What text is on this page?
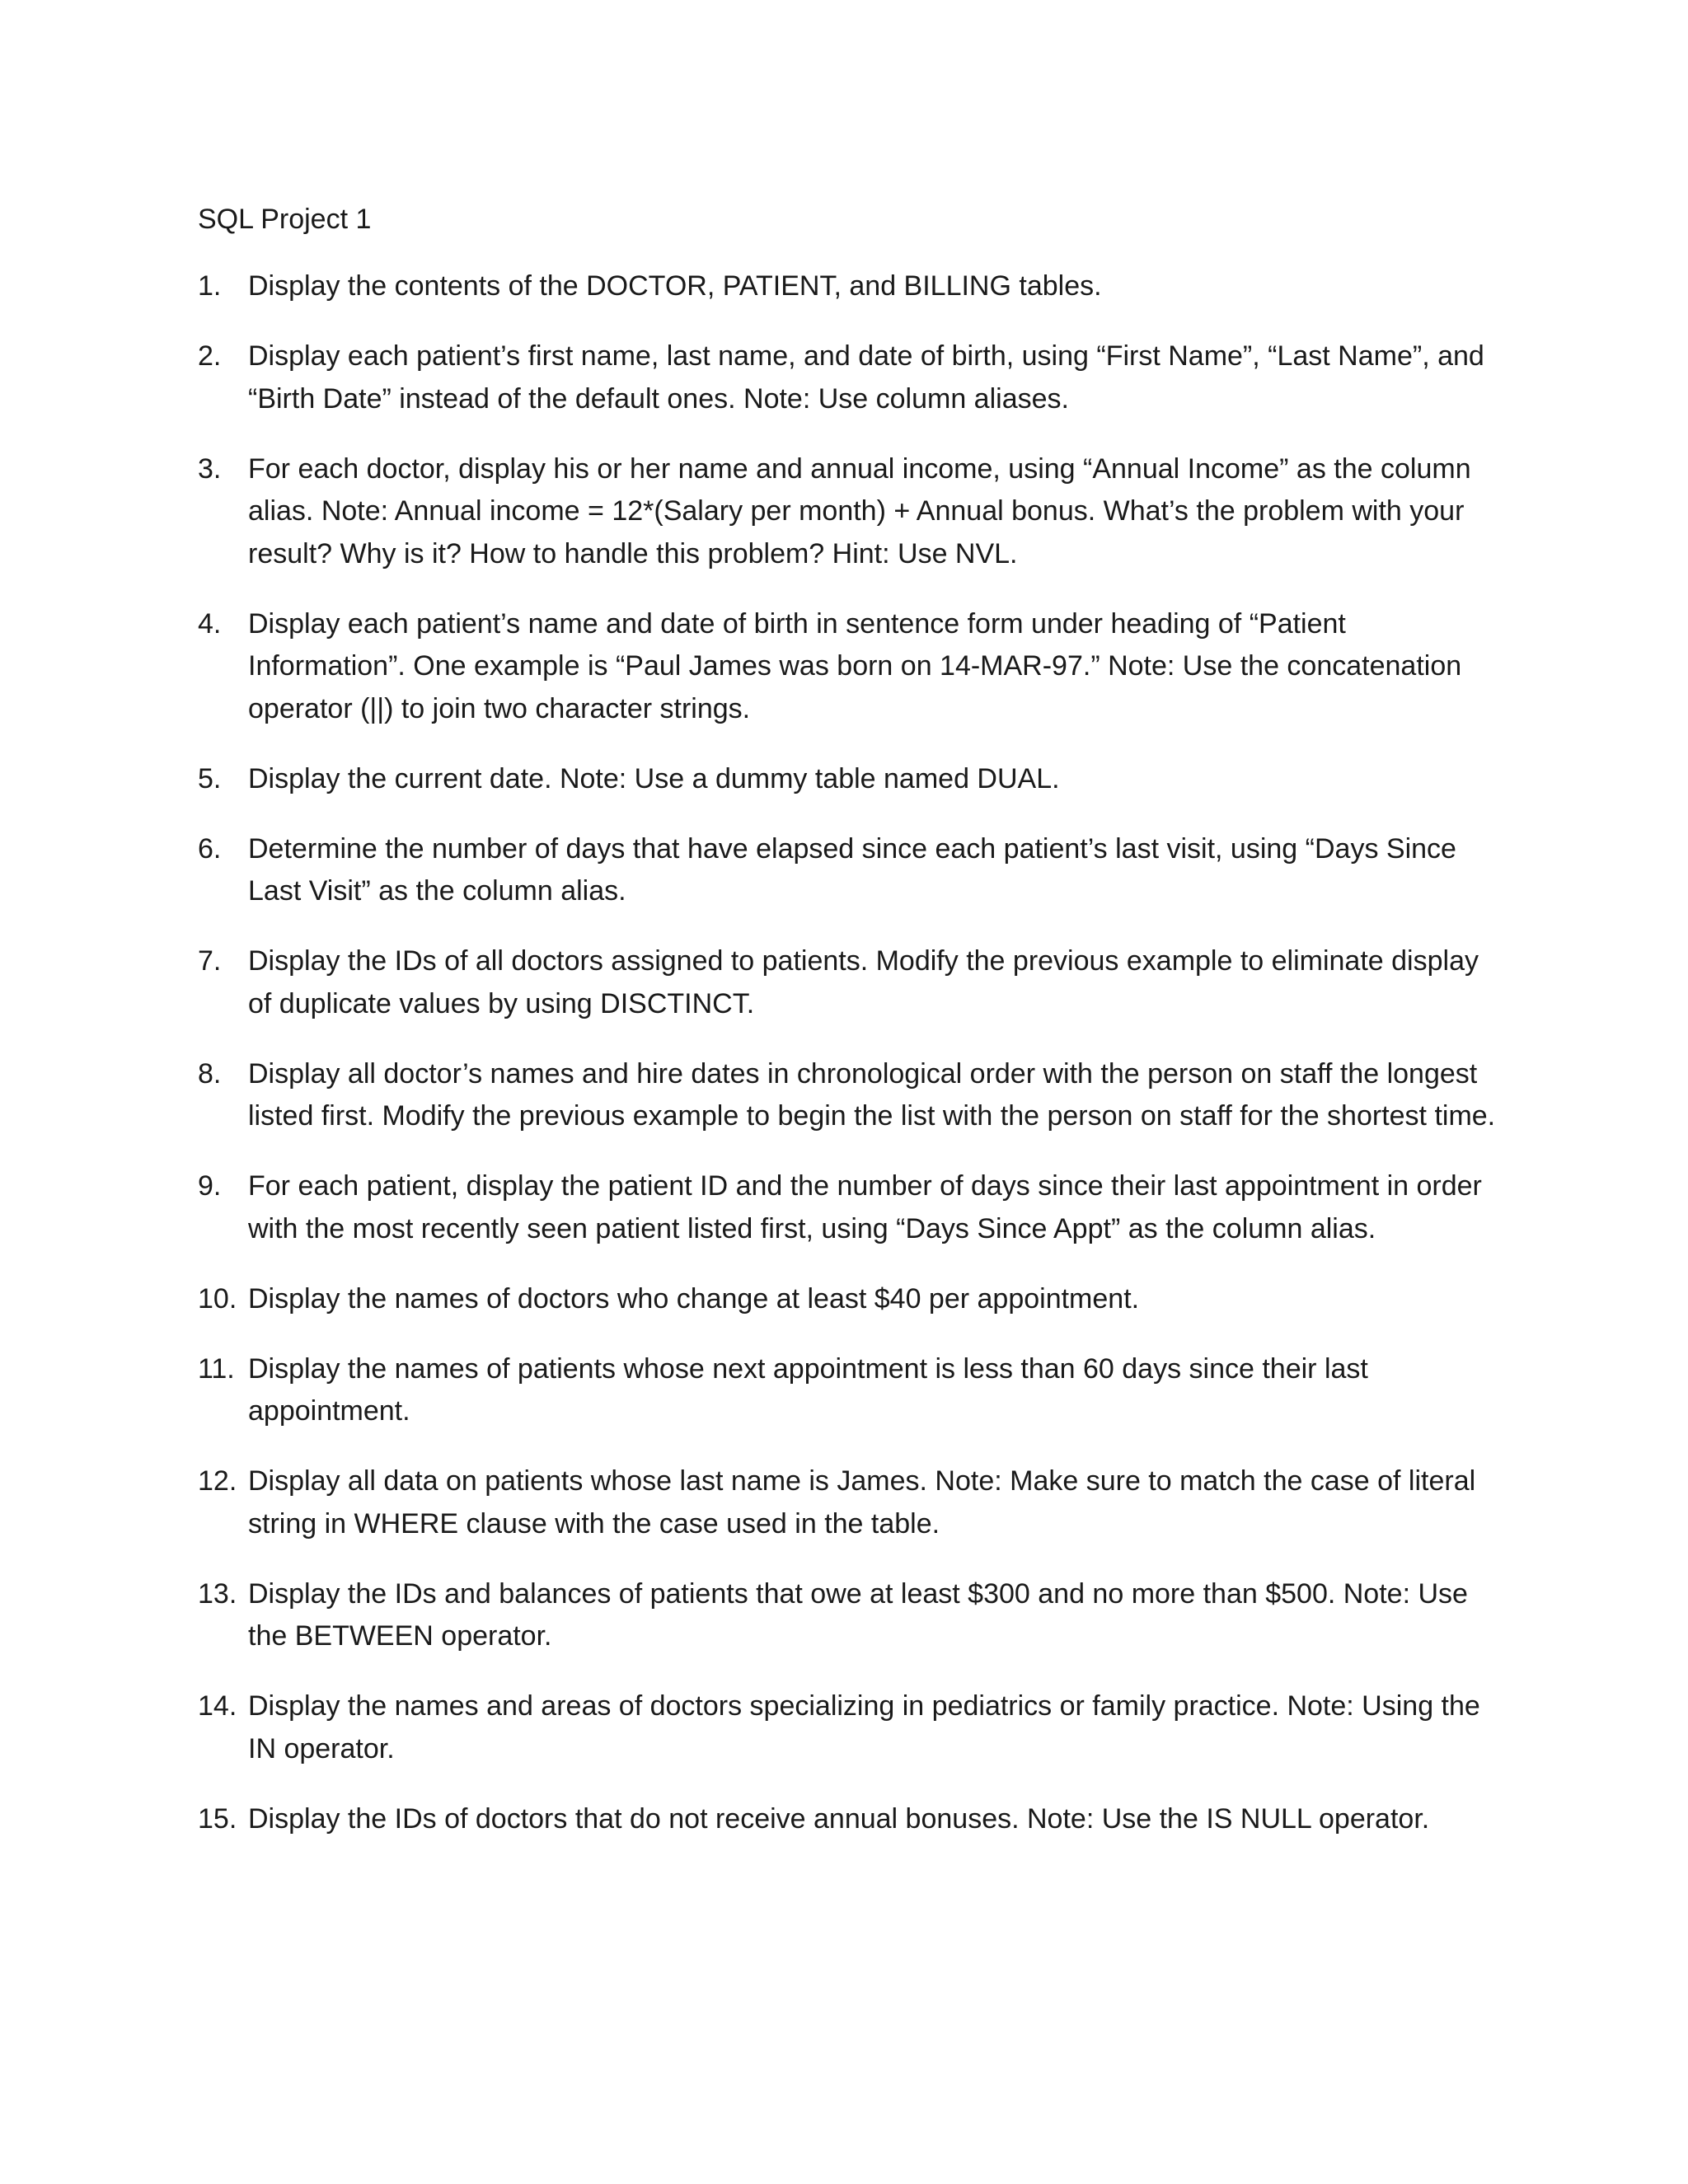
SQL Project 1
1. Display the contents of the DOCTOR, PATIENT, and BILLING tables.
2. Display each patient’s first name, last name, and date of birth, using “First Name”, “Last Name”, and “Birth Date” instead of the default ones. Note: Use column aliases.
3. For each doctor, display his or her name and annual income, using “Annual Income” as the column alias. Note: Annual income = 12*(Salary per month) + Annual bonus. What’s the problem with your result? Why is it? How to handle this problem? Hint: Use NVL.
4. Display each patient’s name and date of birth in sentence form under heading of “Patient Information”. One example is “Paul James was born on 14-MAR-97.” Note: Use the concatenation operator (||) to join two character strings.
5. Display the current date. Note: Use a dummy table named DUAL.
6. Determine the number of days that have elapsed since each patient’s last visit, using “Days Since Last Visit” as the column alias.
7. Display the IDs of all doctors assigned to patients. Modify the previous example to eliminate display of duplicate values by using DISCTINCT.
8. Display all doctor’s names and hire dates in chronological order with the person on staff the longest listed first. Modify the previous example to begin the list with the person on staff for the shortest time.
9. For each patient, display the patient ID and the number of days since their last appointment in order with the most recently seen patient listed first, using “Days Since Appt” as the column alias.
10. Display the names of doctors who change at least $40 per appointment.
11. Display the names of patients whose next appointment is less than 60 days since their last appointment.
12. Display all data on patients whose last name is James. Note: Make sure to match the case of literal string in WHERE clause with the case used in the table.
13. Display the IDs and balances of patients that owe at least $300 and no more than $500. Note: Use the BETWEEN operator.
14. Display the names and areas of doctors specializing in pediatrics or family practice. Note: Using the IN operator.
15. Display the IDs of doctors that do not receive annual bonuses. Note: Use the IS NULL operator.
